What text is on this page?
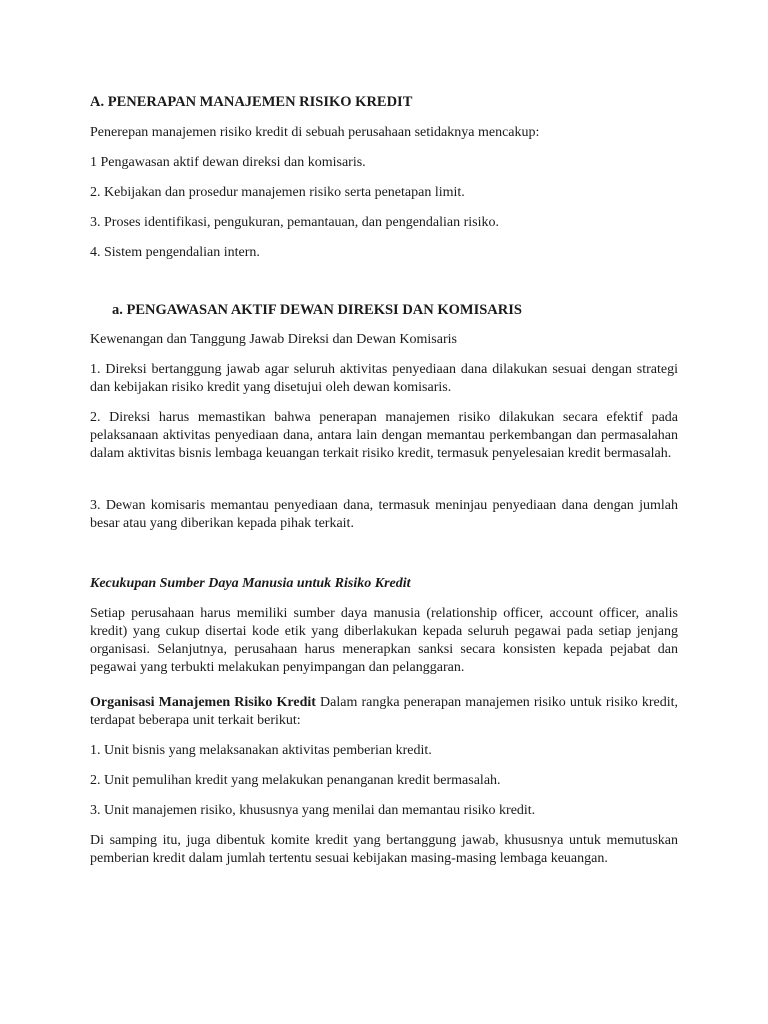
A. PENERAPAN MANAJEMEN RISIKO KREDIT

Penerepan manajemen risiko kredit di sebuah perusahaan setidaknya mencakup:

1 Pengawasan aktif dewan direksi dan komisaris.

2. Kebijakan dan prosedur manajemen risiko serta penetapan limit.

3. Proses identifikasi, pengukuran, pemantauan, dan pengendalian risiko.

4. Sistem pengendalian intern.

a. PENGAWASAN AKTIF DEWAN DIREKSI DAN KOMISARIS

Kewenangan dan Tanggung Jawab Direksi dan Dewan Komisaris

1. Direksi bertanggung jawab agar seluruh aktivitas penyediaan dana dilakukan sesuai dengan strategi dan kebijakan risiko kredit yang disetujui oleh dewan komisaris.

2. Direksi harus memastikan bahwa penerapan manajemen risiko dilakukan secara efektif pada pelaksanaan aktivitas penyediaan dana, antara lain dengan memantau perkembangan dan permasalahan dalam aktivitas bisnis lembaga keuangan terkait risiko kredit, termasuk penyelesaian kredit bermasalah.

3. Dewan komisaris memantau penyediaan dana, termasuk meninjau penyediaan dana dengan jumlah besar atau yang diberikan kepada pihak terkait.

Kecukupan Sumber Daya Manusia untuk Risiko Kredit

Setiap perusahaan harus memiliki sumber daya manusia (relationship officer, account officer, analis kredit) yang cukup disertai kode etik yang diberlakukan kepada seluruh pegawai pada setiap jenjang organisasi. Selanjutnya, perusahaan harus menerapkan sanksi secara konsisten kepada pejabat dan pegawai yang terbukti melakukan penyimpangan dan pelanggaran.

Organisasi Manajemen Risiko Kredit Dalam rangka penerapan manajemen risiko untuk risiko kredit, terdapat beberapa unit terkait berikut:

1. Unit bisnis yang melaksanakan aktivitas pemberian kredit.

2. Unit pemulihan kredit yang melakukan penanganan kredit bermasalah.

3. Unit manajemen risiko, khususnya yang menilai dan memantau risiko kredit.

Di samping itu, juga dibentuk komite kredit yang bertanggung jawab, khususnya untuk memutuskan pemberian kredit dalam jumlah tertentu sesuai kebijakan masing-masing lembaga keuangan.
